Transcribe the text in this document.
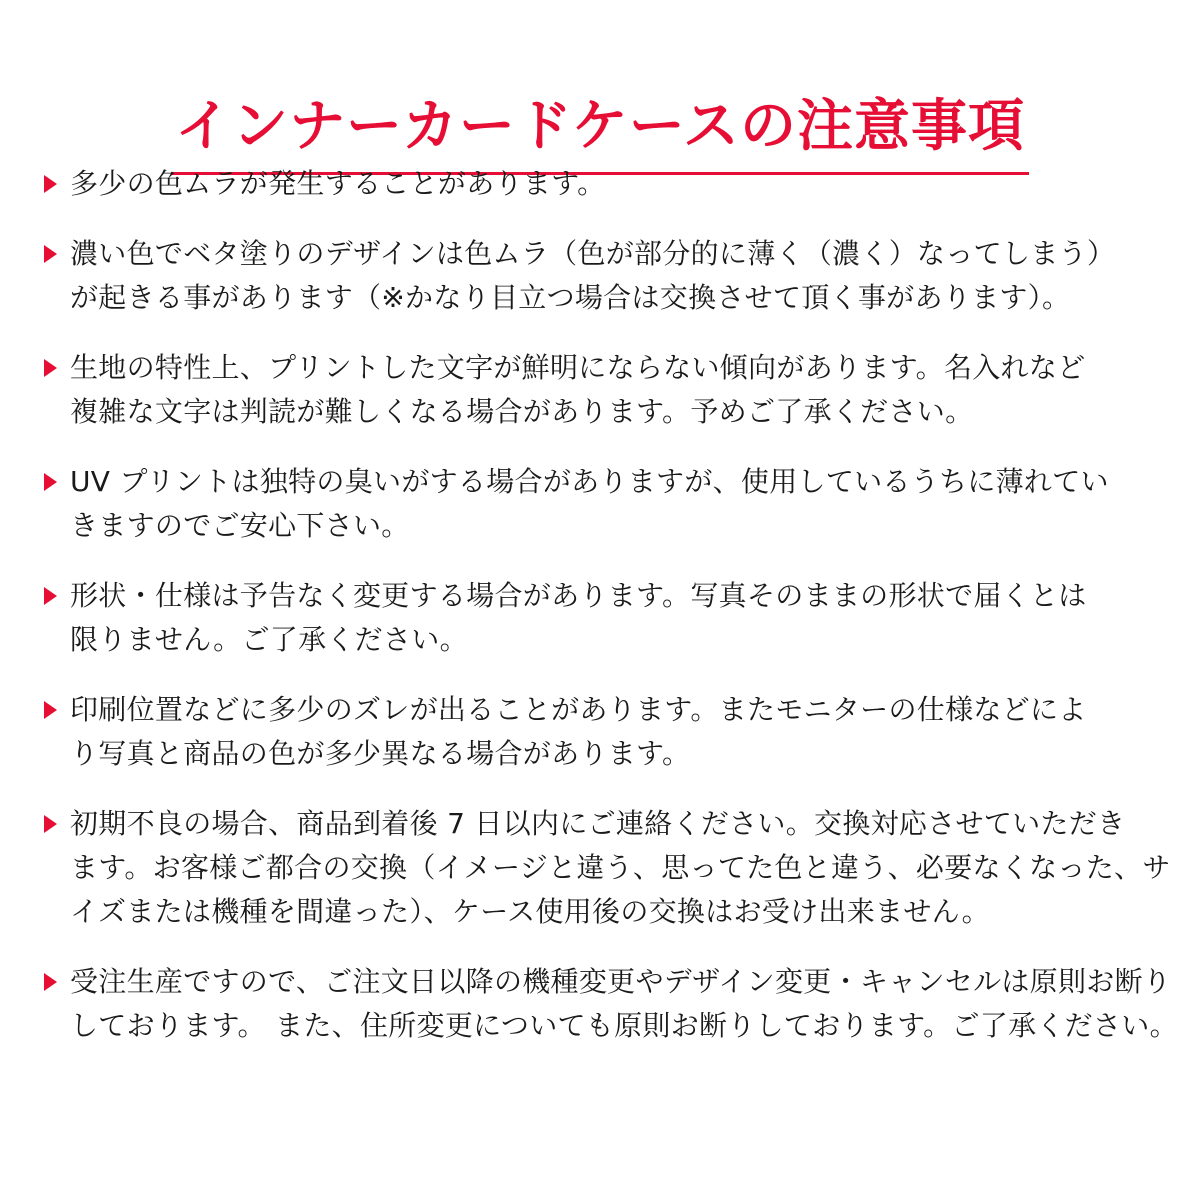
インナーカードケースの注意事項
多少の色ムラが発生することがあります。
濃い色でベタ塗りのデザインは色ムラ（色が部分的に薄く（濃く）なってしまう）
が起きる事があります（※かなり目立つ場合は交換させて頂く事があります）。
生地の特性上、プリントした文字が鮮明にならない傾向があります。名入れなど
複雑な文字は判読が難しくなる場合があります。予めご了承ください。
UV プリントは独特の臭いがする場合がありますが、使用しているうちに薄れてい
きますのでご安心下さい。
形状・仕様は予告なく変更する場合があります。写真そのままの形状で届くとは
限りません。ご了承ください。
印刷位置などに多少のズレが出ることがあります。またモニターの仕様などによ
り写真と商品の色が多少異なる場合があります。
初期不良の場合、商品到着後 7 日以内にご連絡ください。交換対応させていただき
ます。お客様ご都合の交換（イメージと違う、思ってた色と違う、必要なくなった、サ
イズまたは機種を間違った）、ケース使用後の交換はお受け出来ません。
受注生産ですので、ご注文日以降の機種変更やデザイン変更・キャンセルは原則お断り
しております。 また、住所変更についても原則お断りしております。ご了承ください。
